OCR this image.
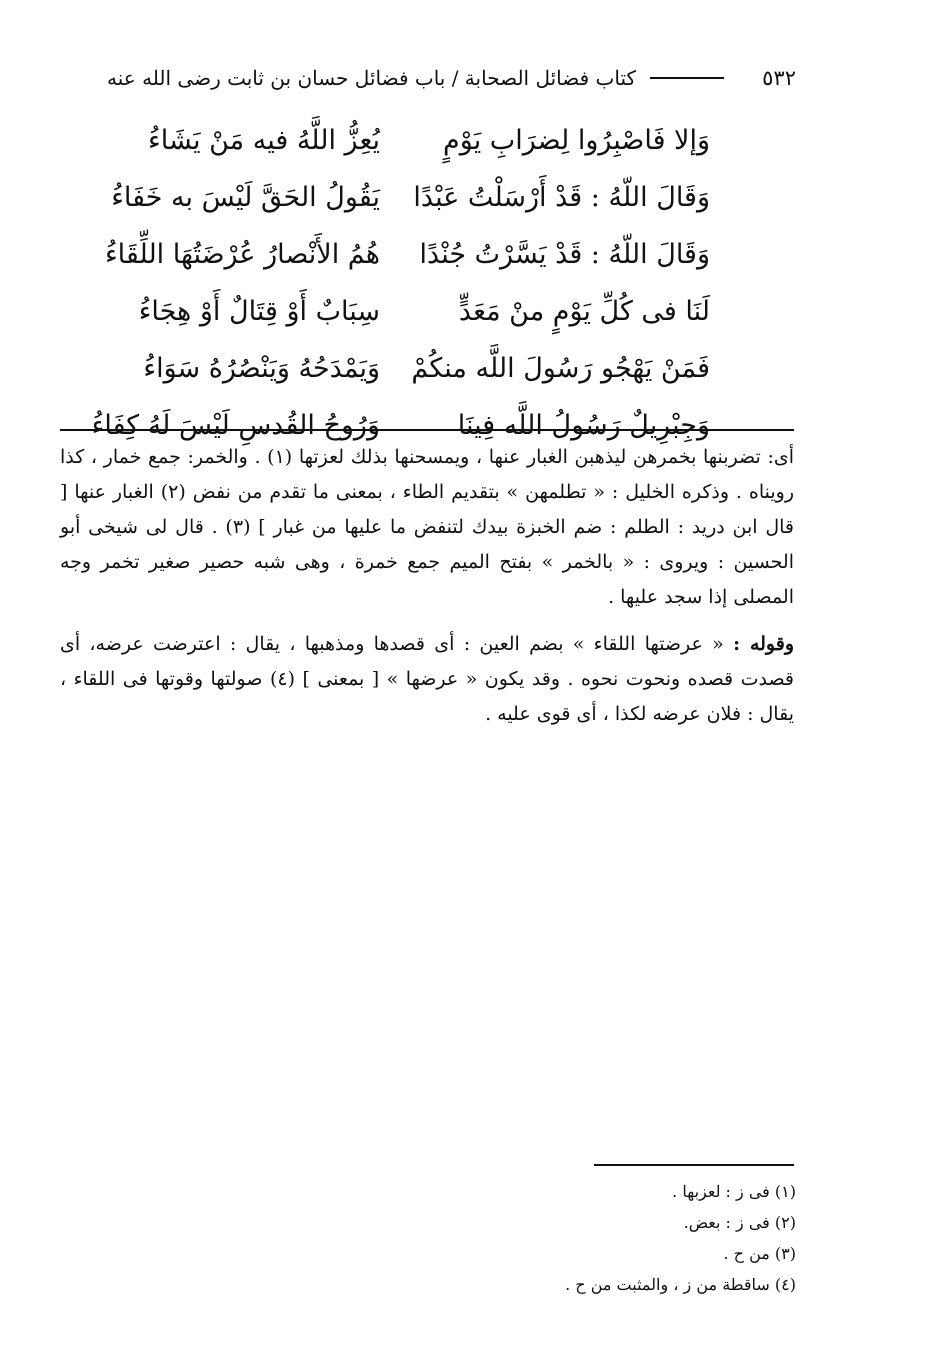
٥٣٢
كتاب فضائل الصحابة / باب فضائل حسان بن ثابت رضى الله عنه
وَإلا فَاصْبِرُوا لِضرَابِ يَوْمٍ
يُعِزُّ اللَّهُ فيه مَنْ يَشَاءُ
وَقَالَ اللّهُ : قَدْ أَرْسَلْتُ عَبْدًا
يَقُولُ الحَقَّ لَيْسَ به خَفَاءُ
وَقَالَ اللّهُ : قَدْ يَسَّرْتُ جُنْدًا
هُمُ الأَنْصارُ عُرْضَتُهَا اللِّقَاءُ
لَنَا فى كُلِّ يَوْمٍ منْ مَعَدٍّ
سِبَابٌ أَوْ قِتَالٌ أَوْ هِجَاءُ
فَمَنْ يَهْجُو رَسُولَ اللَّه منكُمْ
وَيَمْدَحُهُ وَيَنْصُرُهُ سَوَاءُ
وَجِبْرِيلٌ رَسُولُ اللَّه فِينَا
وَرُوحُ القُدسِ لَيْسَ لَهُ كِفَاءُ

أى: تضربنها بخمرهن ليذهبن الغبار عنها ، ويمسحنها بذلك لعزتها (١) . والخمر: جمع خمار ، كذا رويناه . وذكره الخليل : « تطلمهن » بتقديم الطاء ، بمعنى ما تقدم من نفض (٢) الغبار عنها [ قال ابن دريد : الطلم : ضم الخبزة بيدك لتنفض ما عليها من غبار ] (٣) . قال لى شيخى أبو الحسين : ويروى : « بالخمر » بفتح الميم جمع خمرة ، وهى شبه حصير صغير تخمر وجه المصلى إذا سجد عليها .

وقوله : « عرضتها اللقاء » بضم العين : أى قصدها ومذهبها ، يقال : اعترضت عرضه، أى قصدت قصده ونحوت نحوه . وقد يكون « عرضها » [ بمعنى ] (٤) صولتها وقوتها فى اللقاء ، يقال : فلان عرضه لكذا ، أى قوى عليه .

(١) فى ز : لعزبها .
(٢) فى ز : بعض.
(٣) من ح .
(٤) ساقطة من ز ، والمثبت من ح .
